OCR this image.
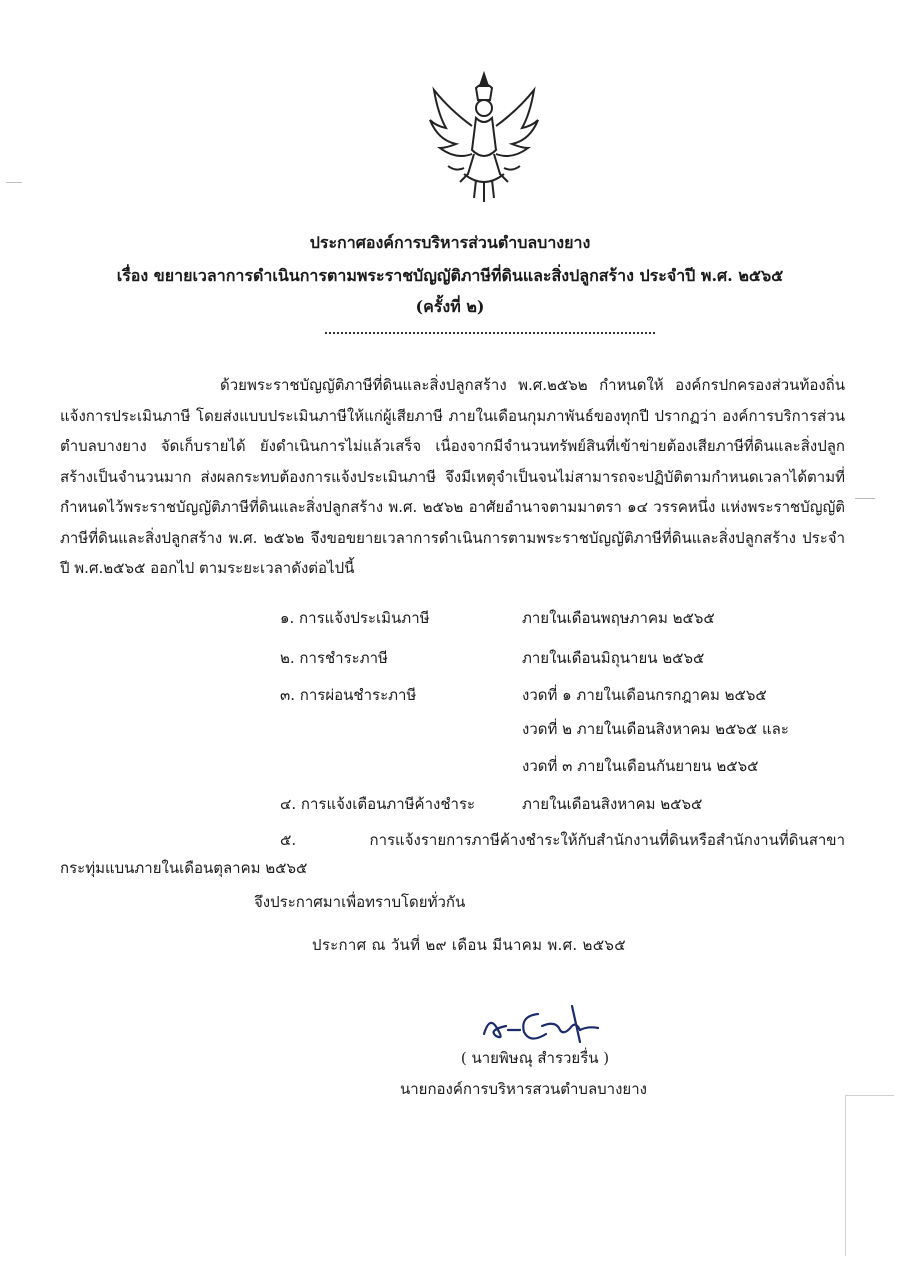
ประกาศองค์การบริหารส่วนตำบลบางยาง
เรื่อง ขยายเวลาการดำเนินการตามพระราชบัญญัติภาษีที่ดินและสิ่งปลูกสร้าง ประจำปี พ.ศ. ๒๕๖๕
(ครั้งที่ ๒)

ด้วยพระราชบัญญัติภาษีที่ดินและสิ่งปลูกสร้าง พ.ศ.๒๕๖๒ กำหนดให้ องค์กรปกครองส่วนท้องถิ่น แจ้งการประเมินภาษี โดยส่งแบบประเมินภาษีให้แก่ผู้เสียภาษี ภายในเดือนกุมภาพันธ์ของทุกปี ปรากฏว่า องค์การบริการส่วนตำบลบางยาง จัดเก็บรายได้ ยังดำเนินการไม่แล้วเสร็จ เนื่องจากมีจำนวนทรัพย์สินที่เข้าข่ายต้องเสียภาษีที่ดินและสิ่งปลูกสร้างเป็นจำนวนมาก ส่งผลกระทบต้องการแจ้งประเมินภาษี จึงมีเหตุจำเป็นจนไม่สามารถจะปฏิบัติตามกำหนดเวลาได้ตามที่กำหนดไว้พระราชบัญญัติภาษีที่ดินและสิ่งปลูกสร้าง พ.ศ. ๒๕๖๒ อาศัยอำนาจตามมาตรา ๑๔ วรรคหนึ่ง แห่งพระราชบัญญัติภาษีที่ดินและสิ่งปลูกสร้าง พ.ศ. ๒๕๖๒ จึงขอขยายเวลาการดำเนินการตามพระราชบัญญัติภาษีที่ดินและสิ่งปลูกสร้าง ประจำปี พ.ศ.๒๕๖๕ ออกไป ตามระยะเวลาดังต่อไปนี้

๑. การแจ้งประเมินภาษี	ภายในเดือนพฤษภาคม ๒๕๖๕
๒. การชำระภาษี	ภายในเดือนมิถุนายน ๒๕๖๕
๓. การผ่อนชำระภาษี	งวดที่ ๑ ภายในเดือนกรกฎาคม ๒๕๖๕
งวดที่ ๒ ภายในเดือนสิงหาคม ๒๕๖๕ และ
งวดที่ ๓ ภายในเดือนกันยายน ๒๕๖๕
๔. การแจ้งเตือนภาษีค้างชำระ	ภายในเดือนสิงหาคม ๒๕๖๕

๕. การแจ้งรายการภาษีค้างชำระให้กับสำนักงานที่ดินหรือสำนักงานที่ดินสาขากระทุ่มแบนภายในเดือนตุลาคม ๒๕๖๕

จึงประกาศมาเพื่อทราบโดยทั่วกัน
ประกาศ ณ วันที่ ๒๙ เดือน มีนาคม พ.ศ. ๒๕๖๕
( นายพิษณุ สำรวยรื่น )
นายกองค์การบริหารสวนตำบลบางยาง
